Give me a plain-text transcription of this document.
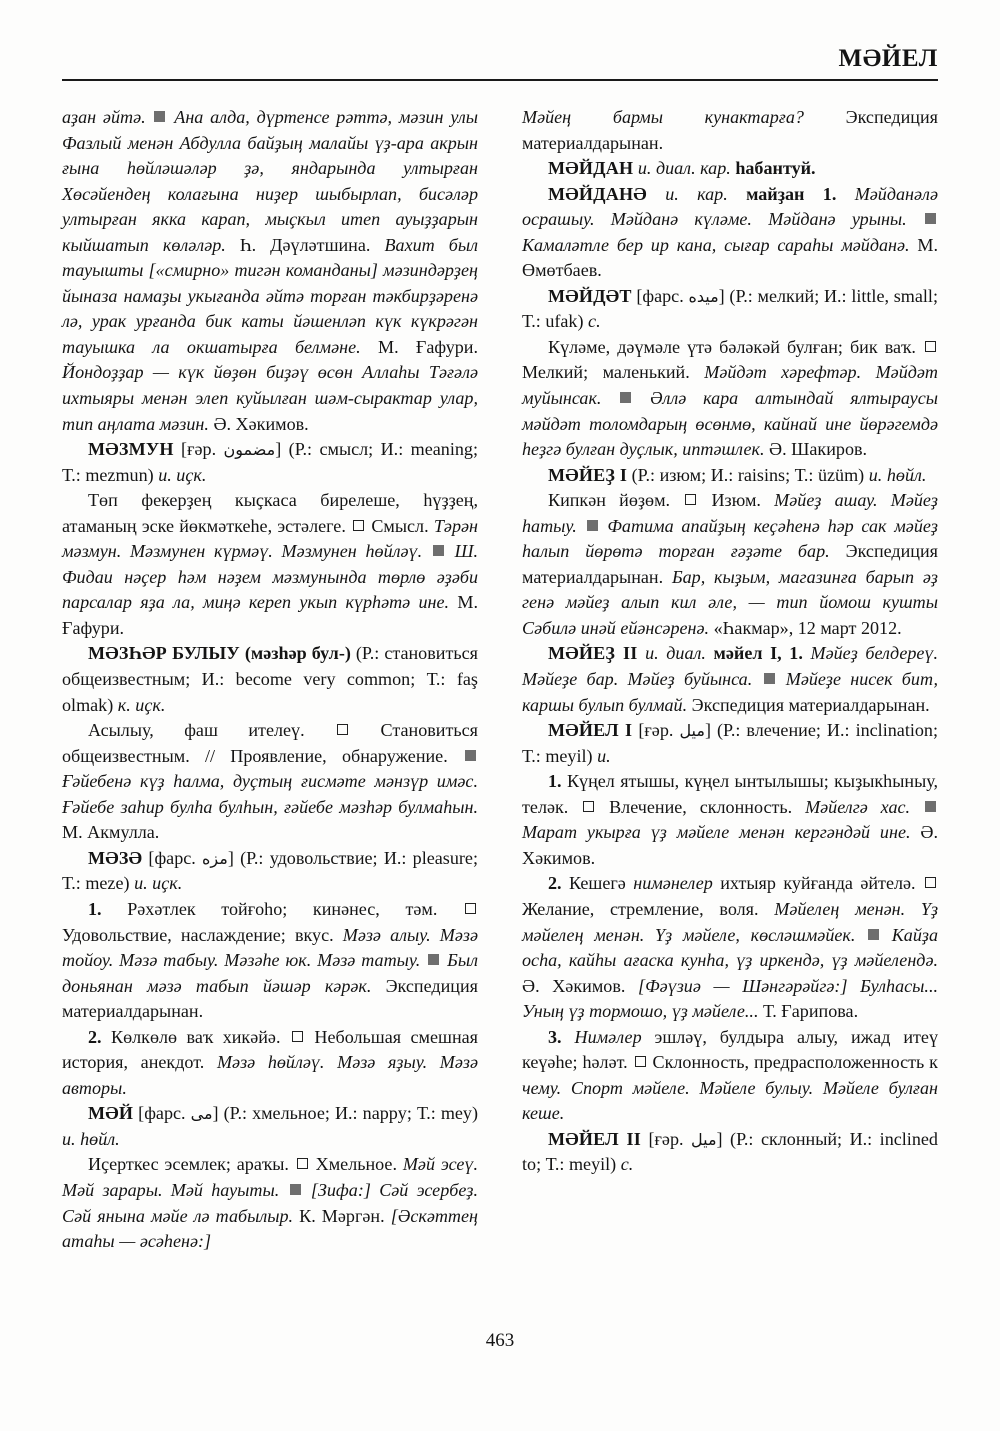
МӘЙЕЛ

аҙан әйтә. Ана алда, дүртенсе рәттә, мәзин улы Фазлый менән Абдулла байҙың малайы үҙ-ара акрын ғына һөйләшәләр ҙә, яндарында ултырған Хөсәйендең колағына ниҙер шыбырлап, бисәләр ултырған якка карап, мыҫкыл итеп ауыҙҙарын кыйшатып көләләр. Һ. Дәүләтшина. Вахит был тауышты [«смирно» тигән команданы] мәзиндәрҙең йыназа намаҙы укығанда әйтә торған тәкбирҙәренә лә, урак урғанда бик каты йәшенләп күк күкрәгән тауышка ла окшатырға белмәне. М. Ғафури. Йондоҙҙар — күк йөҙөн биҙәү өсөн Аллаһы Тәғәлә ихтыяры менән элеп куйылған шәм-сырактар улар, тип аңлата мәзин. Ә. Хәкимов.

МӘЗМУН [ғәр. مضمون] (Р.: смысл; И.: meaning; Т.: mezmun) и. иҫк.

Төп фекерҙең кыҫкаса бирелеше, һүҙҙең, атаманың эске йөкмәткеһе, эстәлеге. Смысл. Тәрән мәзмун. Мәзмунен күрмәү. Мәзмунен һөйләү. Ш. Фидаи нәҫер һәм нәҙем мәзмунында төрлө әҙәби парсалар яҙа ла, миңә кереп укып күрһәтә ине. М. Ғафури.

МӘЗҺӘР БУЛЫУ (мәзһәр бул-) (Р.: становиться общеизвестным; И.: become very common; Т.: faş olmak) к. иҫк.

Асылыу, фаш ителеү.	Становиться общеизвестным. // Проявление, обнаружение.  Ғәйебенә күҙ һалма, дуҫтың ғисмәте мәнзүр имәс. Ғәйебе заһир булһа булһын, ғәйебе мәзһәр булмаһын. М. Акмулла.

МӘЗӘ [фарс. مزه] (Р.: удовольствие; И.: pleasure; Т.: meze) и. иҫк.

1. Рәхәтлек тойғоһо; кинәнес, тәм.  Удовольствие, наслаждение; вкус. Мәзә алыу. Мәзә тойоу. Мәзә табыу. Мәзәһе юк. Мәзә татыу. Был доньянан мәзә табып йәшәр кәрәк. Экспедиция материалдарынан.

2. Көлкөлө ваҡ хикәйә. Небольшая смешная история, анекдот. Мәзә һөйләү. Мәзә яҙыу. Мәзә авторы.

МӘЙ [фарс. می] (Р.: хмельное; И.: nappy; Т.: mey) и. һөйл.

Иҫерткес эсемлек; араҡы. Хмельное. Мәй эсеү. Мәй зарары. Мәй һауыты. [Зифа:] Сәй эсербеҙ. Сәй янына мәйе лә табылыр. К. Мәргән. [Әскәттең атаһы — әсәһенә:]

Мәйең бармы кунактарға? Экспедиция материалдарынан.

МӘЙДАН и. диал. кар. һабантуй.

МӘЙДАНӘ и. кар. майҙан 1. Мәйданәлә осрашыу. Мәйданә күләме. Мәйданә урыны.  Камаләтле бер ир кана, сығар сараһы мәйданә. М. Өмөтбаев.

МӘЙДӘТ [фарс. میده] (Р.: мелкий; И.: little, small; Т.: ufak) с.

Күләме, дәүмәле үтә бәләкәй булған; бик ваҡ.  Мелкий; маленький. Мәйдәт хәрефтәр. Мәйдәт муйынсак.	Әллә кара алтындай ялтыраусы мәйдәт толомдарың өсөнмө, кайнай ине йөрәгемдә һеҙгә булған дуҫлык, иптәшлек. Ә. Шакиров.

МӘЙЕҘ I (Р.: изюм; И.: raisins; Т.: üzüm) и. һөйл.

Кипкән йөҙөм. Изюм. Мәйеҙ ашау. Мәйеҙ һатыу. Фатима апайҙың кеҫәһенә һәр сак мәйеҙ һалып йөрөтә торған ғәҙәте бар. Экспедиция материалдарынан. Бар, кыҙым, магазинға барып әҙ генә мәйеҙ алып кил әле, — тип йомош кушты Сәбилә инәй ейәнсәренә. «Һакмар», 12 март 2012.

МӘЙЕҘ II и. диал. мәйел I, 1. Мәйеҙ белдереү. Мәйеҙе бар. Мәйеҙ буйынса. Мәйеҙе нисек бит, каршы булып булмай. Экспедиция материалдарынан.

МӘЙЕЛ I [ғәр. ميل] (Р.: влечение; И.: inclination; Т.: meyil) и.

1. Күңел ятышы, күңел ынтылышы; кыҙыкһыныу, теләк. Влечение, склонность. Мәйелгә хас.  Марат укырға үҙ мәйеле менән кергәндәй ине. Ә. Хәкимов.

2. Кешегә нимәнелер ихтыяр куйғанда әйтелә.  Желание, стремление, воля. Мәйелең менән. Үҙ мәйелең менән. Үҙ мәйеле, көсләшмәйек. Кайҙа осһа, кайһы ағаска кунһа, үҙ иркендә, үҙ мәйелендә. Ә. Хәкимов. [Фәүзиә — Шәнгәрәйгә:] Булһасы... Уның үҙ тормошо, үҙ мәйеле... Т. Ғарипова.

3. Нимәлер эшләү, булдыра алыу, ижад итеү кеүәһе; һәләт. Склонность, предрасположенность к чему. Спорт мәйеле. Мәйеле булыу. Мәйеле булған кеше.

МӘЙЕЛ II [ғәр. ميل] (Р.: склонный; И.: inclined to; Т.: meyil) с.

463
